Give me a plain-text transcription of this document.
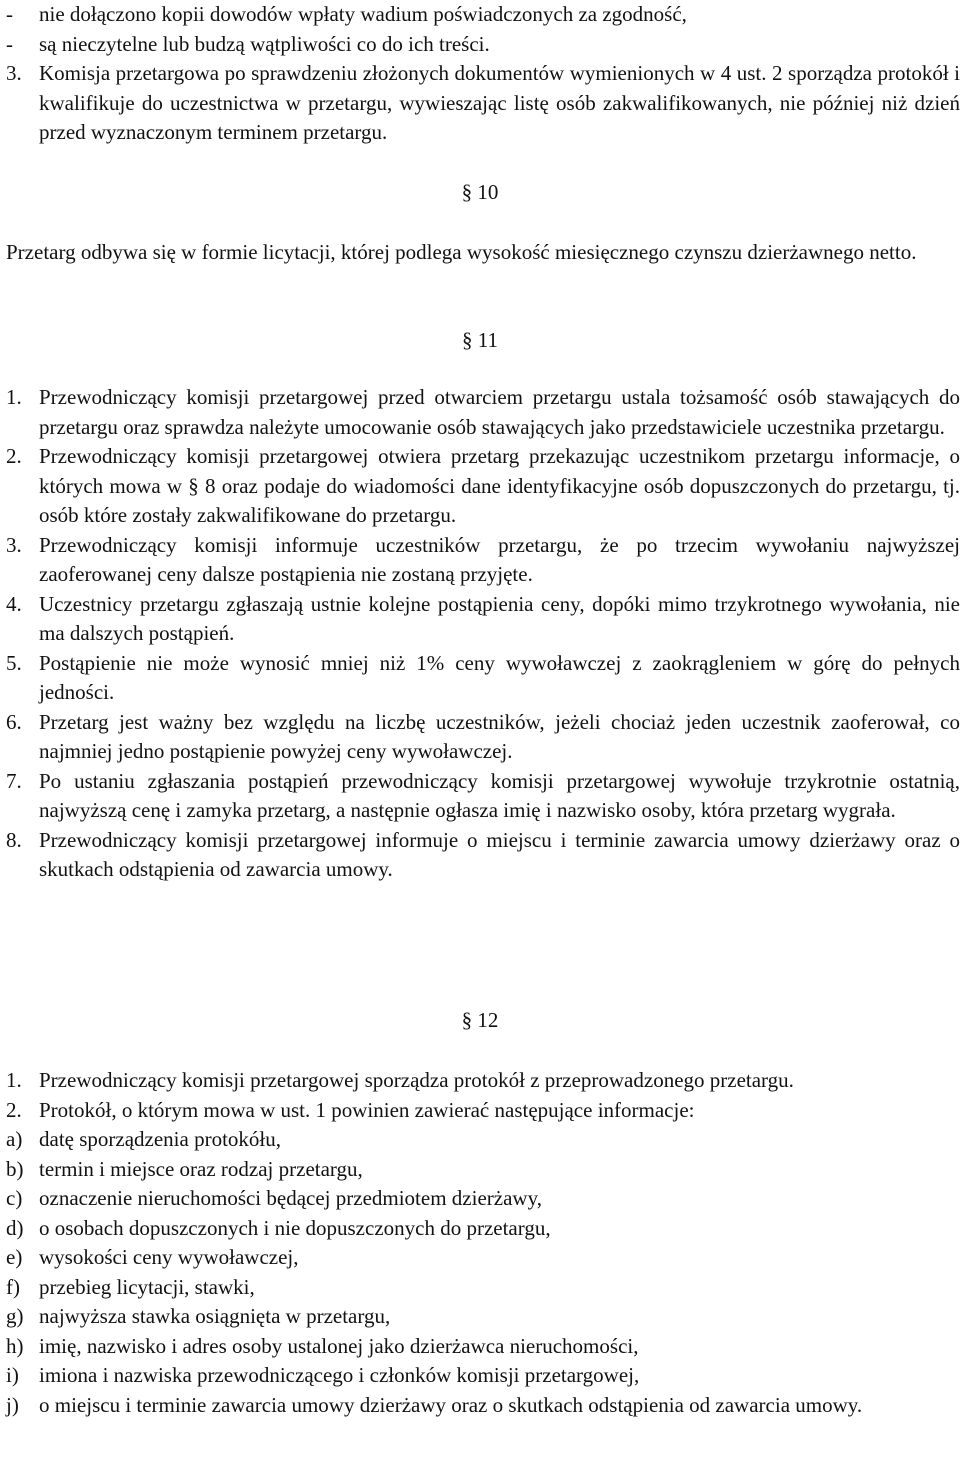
-	nie dołączono kopii dowodów wpłaty wadium poświadczonych za zgodność,
-	są nieczytelne lub budzą wątpliwości co do ich treści.
3. Komisja przetargowa po sprawdzeniu złożonych dokumentów wymienionych w 4 ust. 2 sporządza protokół i kwalifikuje do uczestnictwa w przetargu, wywieszając listę osób zakwalifikowanych, nie później niż dzień przed wyznaczonym terminem przetargu.
§ 10
Przetarg odbywa się w formie licytacji, której podlega wysokość miesięcznego czynszu dzierżawnego netto.
§ 11
1. Przewodniczący komisji przetargowej przed otwarciem przetargu ustala tożsamość osób stawających do przetargu oraz sprawdza należyte umocowanie osób stawających jako przedstawiciele uczestnika przetargu.
2. Przewodniczący komisji przetargowej otwiera przetarg przekazując uczestnikom przetargu informacje, o których mowa w § 8 oraz podaje do wiadomości dane identyfikacyjne osób dopuszczonych do przetargu, tj. osób które zostały zakwalifikowane do przetargu.
3. Przewodniczący komisji informuje uczestników przetargu, że po trzecim wywołaniu najwyższej zaoferowanej ceny dalsze postąpienia nie zostaną przyjęte.
4. Uczestnicy przetargu zgłaszają ustnie kolejne postąpienia ceny, dopóki mimo trzykrotnego wywołania, nie ma dalszych postąpień.
5. Postąpienie nie może wynosić mniej niż 1% ceny wywoławczej z zaokrągleniem w górę do pełnych jedności.
6. Przetarg jest ważny bez względu na liczbę uczestników, jeżeli chociaż jeden uczestnik zaoferował, co najmniej jedno postąpienie powyżej ceny wywoławczej.
7. Po ustaniu zgłaszania postąpień przewodniczący komisji przetargowej wywołuje trzykrotnie ostatnią, najwyższą cenę i zamyka przetarg, a następnie ogłasza imię i nazwisko osoby, która przetarg wygrała.
8. Przewodniczący komisji przetargowej informuje o miejscu i terminie zawarcia umowy dzierżawy oraz o skutkach odstąpienia od zawarcia umowy.
§ 12
1. Przewodniczący komisji przetargowej sporządza protokół z przeprowadzonego przetargu.
2. Protokół, o którym mowa w ust. 1 powinien zawierać następujące informacje:
a) datę sporządzenia protokółu,
b) termin i miejsce oraz rodzaj przetargu,
c) oznaczenie nieruchomości będącej przedmiotem dzierżawy,
d) o osobach dopuszczonych i nie dopuszczonych do przetargu,
e) wysokości ceny wywoławczej,
f) przebieg licytacji, stawki,
g) najwyższa stawka osiągnięta w przetargu,
h) imię, nazwisko i adres osoby ustalonej jako dzierżawca nieruchomości,
i) imiona i nazwiska przewodniczącego i członków komisji przetargowej,
j) o miejscu i terminie zawarcia umowy dzierżawy oraz o skutkach odstąpienia od zawarcia umowy.
